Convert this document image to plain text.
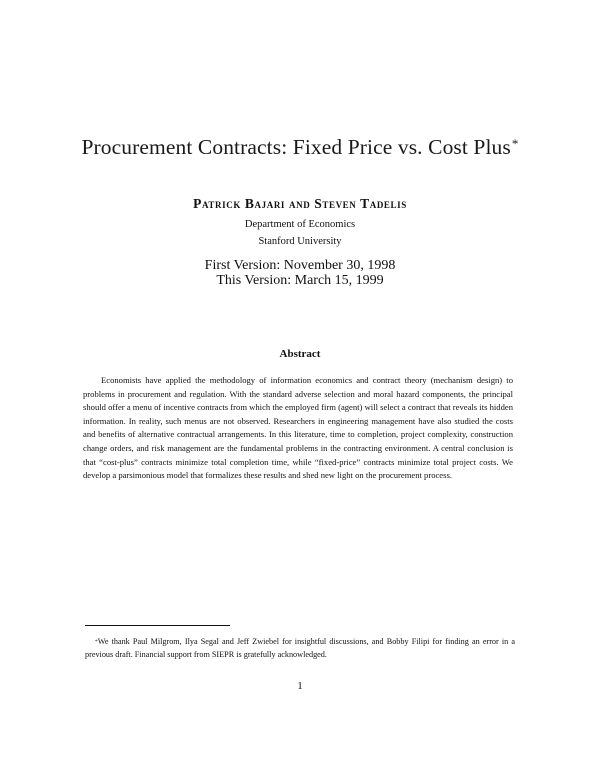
Procurement Contracts: Fixed Price vs. Cost Plus*
Patrick Bajari and Steven Tadelis
Department of Economics
Stanford University
First Version: November 30, 1998
This Version: March 15, 1999
Abstract
Economists have applied the methodology of information economics and contract theory (mechanism design) to problems in procurement and regulation. With the standard adverse selection and moral hazard components, the principal should offer a menu of incentive contracts from which the employed firm (agent) will select a contract that reveals its hidden information. In reality, such menus are not observed. Researchers in engineering management have also studied the costs and benefits of alternative contractual arrangements. In this literature, time to completion, project complexity, construction change orders, and risk management are the fundamental problems in the contracting environment. A central conclusion is that “cost-plus” contracts minimize total completion time, while “fixed-price” contracts minimize total project costs. We develop a parsimonious model that formalizes these results and shed new light on the procurement process.
*We thank Paul Milgrom, Ilya Segal and Jeff Zwiebel for insightful discussions, and Bobby Filipi for finding an error in a previous draft. Financial support from SIEPR is gratefully acknowledged.
1
